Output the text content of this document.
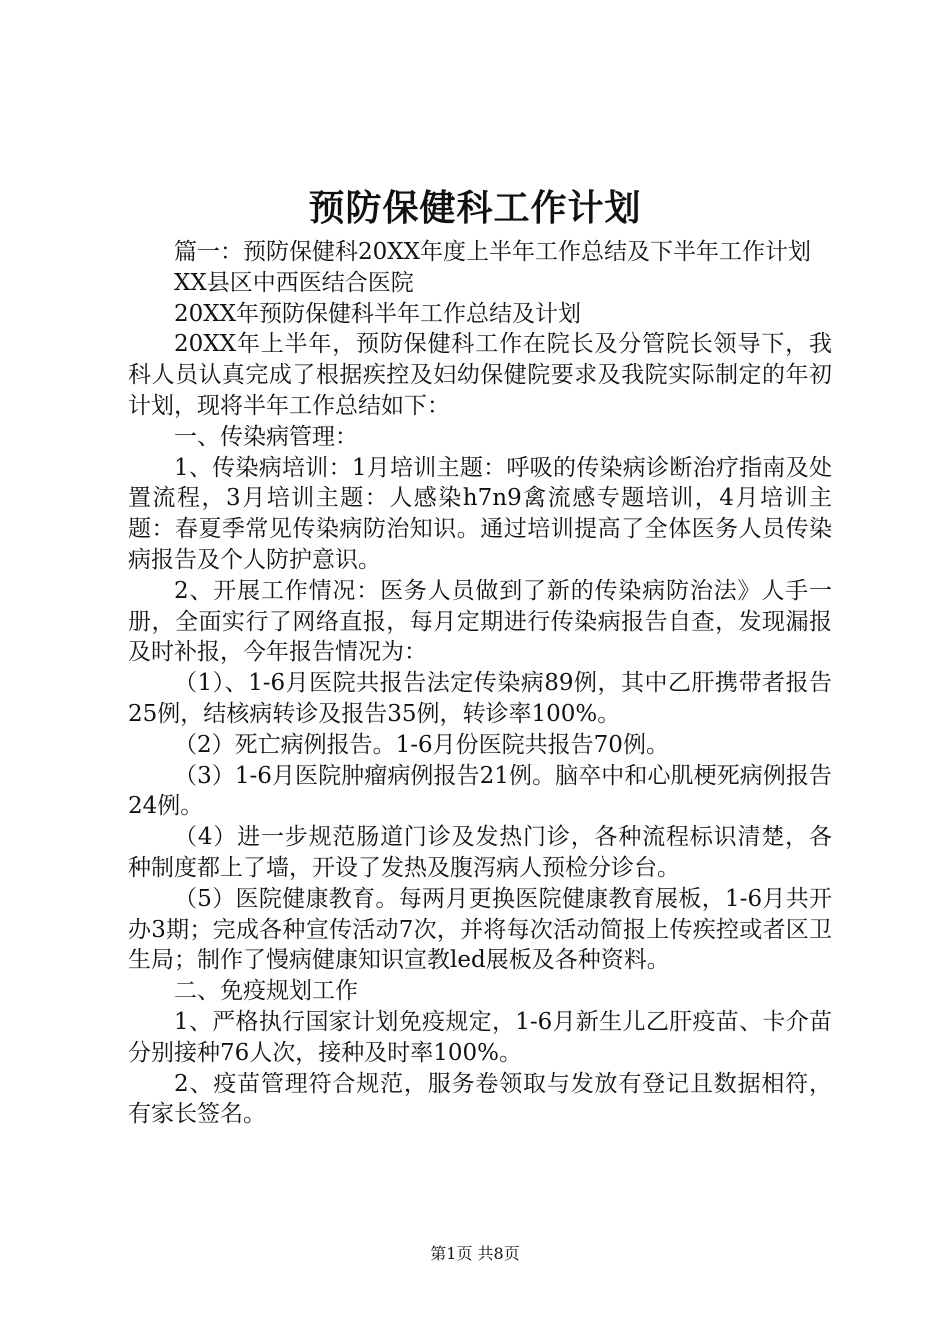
预防保健科工作计划

篇一：预防保健科20XX年度上半年工作总结及下半年工作计划

XX县区中西医结合医院

20XX年预防保健科半年工作总结及计划

20XX年上半年，预防保健科工作在院长及分管院长领导下，我科人员认真完成了根据疾控及妇幼保健院要求及我院实际制定的年初计划，现将半年工作总结如下：

一、传染病管理：

1、传染病培训：1月培训主题：呼吸的传染病诊断治疗指南及处置流程，3月培训主题：人感染h7n9禽流感专题培训，4月培训主题：春夏季常见传染病防治知识。通过培训提高了全体医务人员传染病报告及个人防护意识。

2、开展工作情况：医务人员做到了新的传染病防治法》人手一册，全面实行了网络直报，每月定期进行传染病报告自查，发现漏报及时补报，今年报告情况为：

（1）、1-6月医院共报告法定传染病89例，其中乙肝携带者报告25例，结核病转诊及报告35例，转诊率100%。

（2）死亡病例报告。1-6月份医院共报告70例。

（3）1-6月医院肿瘤病例报告21例。脑卒中和心肌梗死病例报告24例。

（4）进一步规范肠道门诊及发热门诊，各种流程标识清楚，各种制度都上了墙，开设了发热及腹泻病人预检分诊台。

（5）医院健康教育。每两月更换医院健康教育展板，1-6月共开办3期；完成各种宣传活动7次，并将每次活动简报上传疾控或者区卫生局；制作了慢病健康知识宣教led展板及各种资料。

二、免疫规划工作

1、严格执行国家计划免疫规定，1-6月新生儿乙肝疫苗、卡介苗分别接种76人次，接种及时率100%。

2、疫苗管理符合规范，服务卷领取与发放有登记且数据相符，有家长签名。

第1页 共8页
